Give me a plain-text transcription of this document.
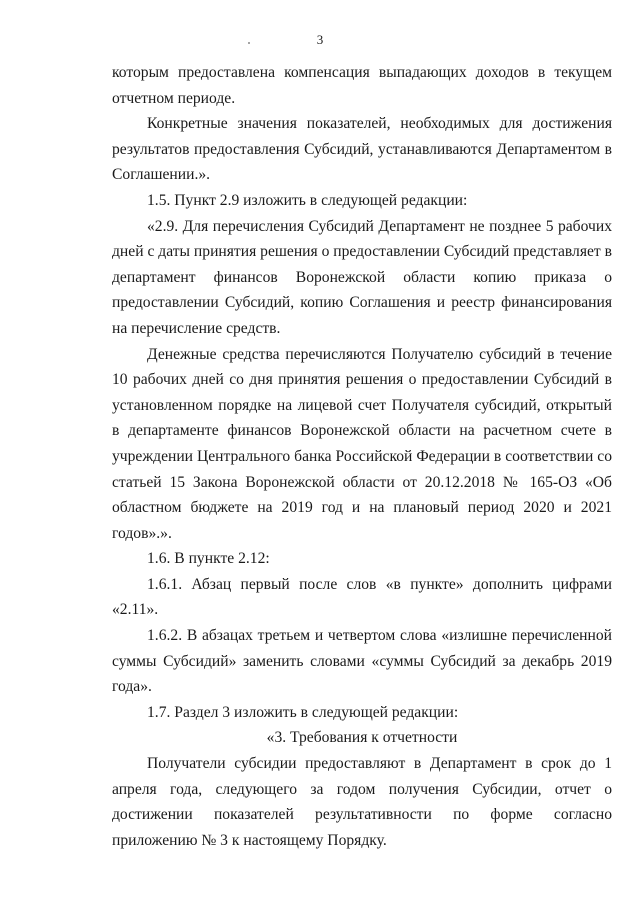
3

которым предоставлена компенсация выпадающих доходов в текущем отчетном периоде.

Конкретные значения показателей, необходимых для достижения результатов предоставления Субсидий, устанавливаются Департаментом в Соглашении.».

1.5. Пункт 2.9 изложить в следующей редакции:

«2.9. Для перечисления Субсидий Департамент не позднее 5 рабочих дней с даты принятия решения о предоставлении Субсидий представляет в департамент финансов Воронежской области копию приказа о предоставлении Субсидий, копию Соглашения и реестр финансирования на перечисление средств.

Денежные средства перечисляются Получателю субсидий в течение 10 рабочих дней со дня принятия решения о предоставлении Субсидий в установленном порядке на лицевой счет Получателя субсидий, открытый в департаменте финансов Воронежской области на расчетном счете в учреждении Центрального банка Российской Федерации в соответствии со статьей 15 Закона Воронежской области от 20.12.2018 № 165-ОЗ «Об областном бюджете на 2019 год и на плановый период 2020 и 2021 годов».».

1.6. В пункте 2.12:

1.6.1. Абзац первый после слов «в пункте» дополнить цифрами «2.11».

1.6.2. В абзацах третьем и четвертом слова «излишне перечисленной суммы Субсидий» заменить словами «суммы Субсидий за декабрь 2019 года».

1.7. Раздел 3 изложить в следующей редакции:

«3. Требования к отчетности

Получатели субсидии предоставляют в Департамент в срок до 1 апреля года, следующего за годом получения Субсидии, отчет о достижении показателей результативности по форме согласно приложению № 3 к настоящему Порядку.
